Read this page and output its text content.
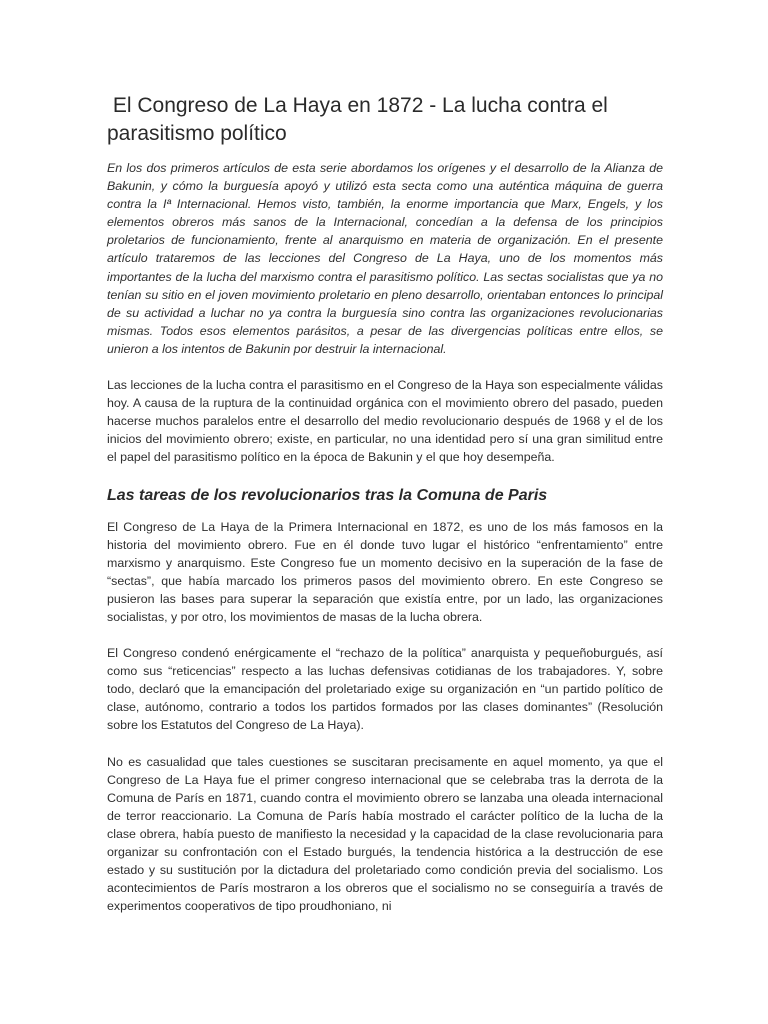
El Congreso de La Haya en 1872 - La lucha contra el parasitismo político

En los dos primeros artículos de esta serie abordamos los orígenes y el desarrollo de la Alianza de Bakunin, y cómo la burguesía apoyó y utilizó esta secta como una auténtica máquina de guerra contra la Iª Internacional. Hemos visto, también, la enorme importancia que Marx, Engels, y los elementos obreros más sanos de la Internacional, concedían a la defensa de los principios proletarios de funcionamiento, frente al anarquismo en materia de organización. En el presente artículo trataremos de las lecciones del Congreso de La Haya, uno de los momentos más importantes de la lucha del marxismo contra el parasitismo político. Las sectas socialistas que ya no tenían su sitio en el joven movimiento proletario en pleno desarrollo, orientaban entonces lo principal de su actividad a luchar no ya contra la burguesía sino contra las organizaciones revolucionarias mismas. Todos esos elementos parásitos, a pesar de las divergencias políticas entre ellos, se unieron a los intentos de Bakunin por destruir la internacional.

Las lecciones de la lucha contra el parasitismo en el Congreso de la Haya son especialmente válidas hoy. A causa de la ruptura de la continuidad orgánica con el movimiento obrero del pasado, pueden hacerse muchos paralelos entre el desarrollo del medio revolucionario después de 1968 y el de los inicios del movimiento obrero; existe, en particular, no una identidad pero sí una gran similitud entre el papel del parasitismo político en la época de Bakunin y el que hoy desempeña.

Las tareas de los revolucionarios tras la Comuna de Paris

El Congreso de La Haya de la Primera Internacional en 1872, es uno de los más famosos en la historia del movimiento obrero. Fue en él donde tuvo lugar el histórico “enfrentamiento” entre marxismo y anarquismo. Este Congreso fue un momento decisivo en la superación de la fase de “sectas”, que había marcado los primeros pasos del movimiento obrero. En este Congreso se pusieron las bases para superar la separación que existía entre, por un lado, las organizaciones socialistas, y por otro, los movimientos de masas de la lucha obrera.

El Congreso condenó enérgicamente el “rechazo de la política” anarquista y pequeñoburgués, así como sus “reticencias” respecto a las luchas defensivas cotidianas de los trabajadores. Y, sobre todo, declaró que la emancipación del proletariado exige su organización en “un partido político de clase, autónomo, contrario a todos los partidos formados por las clases dominantes” (Resolución sobre los Estatutos del Congreso de La Haya).

No es casualidad que tales cuestiones se suscitaran precisamente en aquel momento, ya que el Congreso de La Haya fue el primer congreso internacional que se celebraba tras la derrota de la Comuna de París en 1871, cuando contra el movimiento obrero se lanzaba una oleada internacional de terror reaccionario. La Comuna de París había mostrado el carácter político de la lucha de la clase obrera, había puesto de manifiesto la necesidad y la capacidad de la clase revolucionaria para organizar su confrontación con el Estado burgués, la tendencia histórica a la destrucción de ese estado y su sustitución por la dictadura del proletariado como condición previa del socialismo. Los acontecimientos de París mostraron a los obreros que el socialismo no se conseguiría a través de experimentos cooperativos de tipo proudhoniano, ni
